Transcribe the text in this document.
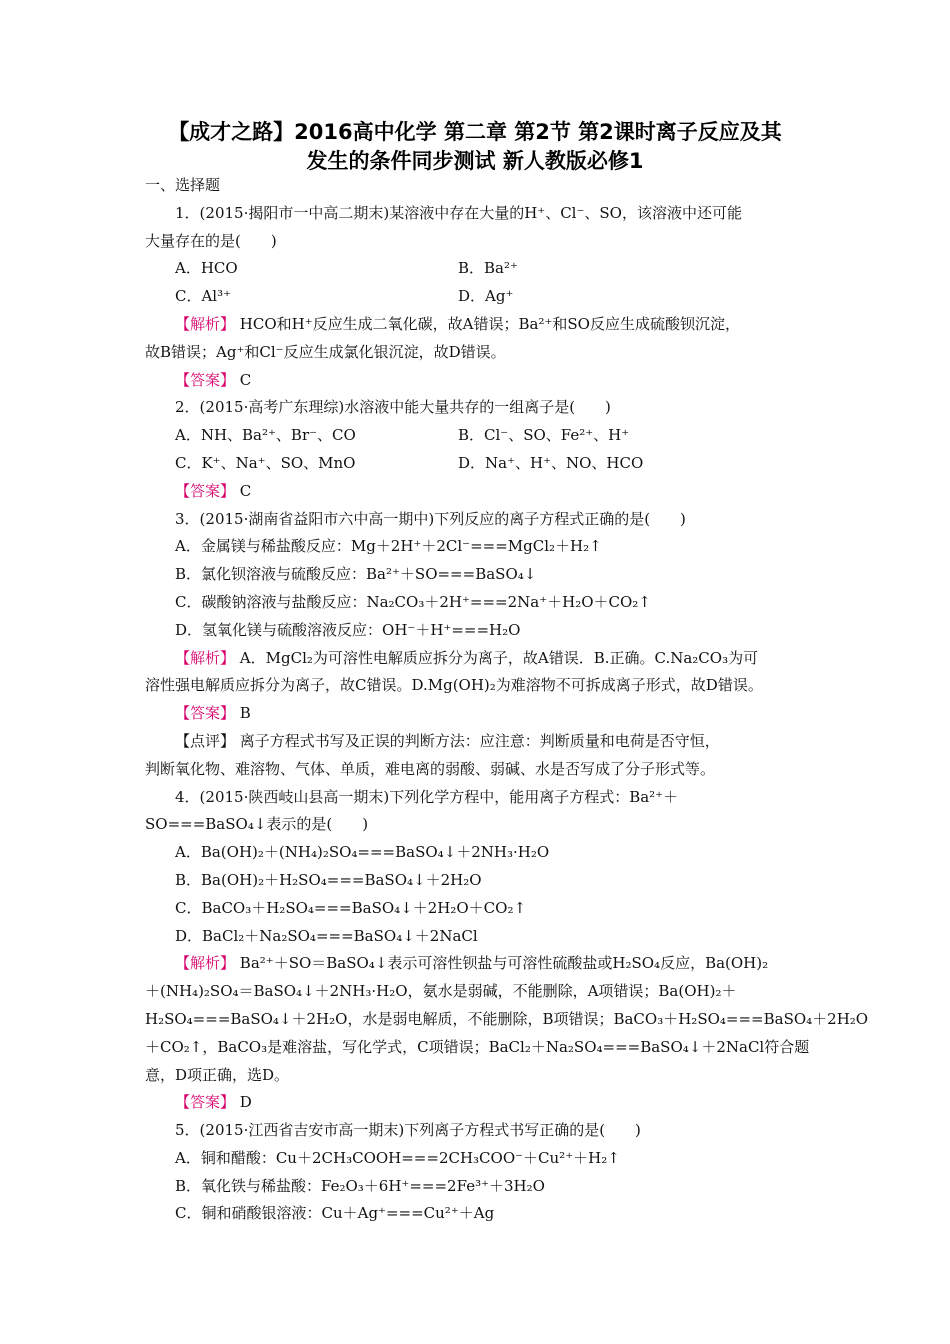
【成才之路】2016高中化学 第二章 第2节 第2课时离子反应及其
发生的条件同步测试 新人教版必修1
一、选择题
1．(2015·揭阳市一中高二期末)某溶液中存在大量的H⁺、Cl⁻、SO，该溶液中还可能
大量存在的是(　　)
A．HCO	B．Ba²⁺
C．Al³⁺	D．Ag⁺
【解析】 HCO和H⁺反应生成二氧化碳，故A错误；Ba²⁺和SO反应生成硫酸钡沉淀，
故B错误；Ag⁺和Cl⁻反应生成氯化银沉淀，故D错误。
【答案】 C
2．(2015·高考广东理综)水溶液中能大量共存的一组离子是(　　)
A．NH、Ba²⁺、Br⁻、CO	B．Cl⁻、SO、Fe²⁺、H⁺
C．K⁺、Na⁺、SO、MnO	D．Na⁺、H⁺、NO、HCO
【答案】 C
3．(2015·湖南省益阳市六中高一期中)下列反应的离子方程式正确的是(　　)
A．金属镁与稀盐酸反应：Mg＋2H⁺＋2Cl⁻===MgCl₂＋H₂↑
B．氯化钡溶液与硫酸反应：Ba²⁺＋SO===BaSO₄↓
C．碳酸钠溶液与盐酸反应：Na₂CO₃＋2H⁺===2Na⁺＋H₂O＋CO₂↑
D．氢氧化镁与硫酸溶液反应：OH⁻＋H⁺===H₂O
【解析】 A．MgCl₂为可溶性电解质应拆分为离子，故A错误．B.正确。C.Na₂CO₃为可
溶性强电解质应拆分为离子，故C错误。D.Mg(OH)₂为难溶物不可拆成离子形式，故D错误。
【答案】 B
【点评】 离子方程式书写及正误的判断方法：应注意：判断质量和电荷是否守恒，
判断氧化物、难溶物、气体、单质，难电离的弱酸、弱碱、水是否写成了分子形式等。
4．(2015·陕西岐山县高一期末)下列化学方程中，能用离子方程式：Ba²⁺＋
SO===BaSO₄↓表示的是(　　)
A．Ba(OH)₂＋(NH₄)₂SO₄===BaSO₄↓＋2NH₃·H₂O
B．Ba(OH)₂＋H₂SO₄===BaSO₄↓＋2H₂O
C．BaCO₃＋H₂SO₄===BaSO₄↓＋2H₂O＋CO₂↑
D．BaCl₂＋Na₂SO₄===BaSO₄↓＋2NaCl
【解析】 Ba²⁺＋SO＝BaSO₄↓表示可溶性钡盐与可溶性硫酸盐或H₂SO₄反应，Ba(OH)₂
＋(NH₄)₂SO₄＝BaSO₄↓＋2NH₃·H₂O，氨水是弱碱，不能删除，A项错误；Ba(OH)₂＋
H₂SO₄===BaSO₄↓＋2H₂O，水是弱电解质，不能删除，B项错误；BaCO₃＋H₂SO₄===BaSO₄＋2H₂O
＋CO₂↑，BaCO₃是难溶盐，写化学式，C项错误；BaCl₂＋Na₂SO₄===BaSO₄↓＋2NaCl符合题
意，D项正确，选D。
【答案】 D
5．(2015·江西省吉安市高一期末)下列离子方程式书写正确的是(　　)
A．铜和醋酸：Cu＋2CH₃COOH===2CH₃COO⁻＋Cu²⁺＋H₂↑
B．氧化铁与稀盐酸：Fe₂O₃＋6H⁺===2Fe³⁺＋3H₂O
C．铜和硝酸银溶液：Cu＋Ag⁺===Cu²⁺＋Ag
